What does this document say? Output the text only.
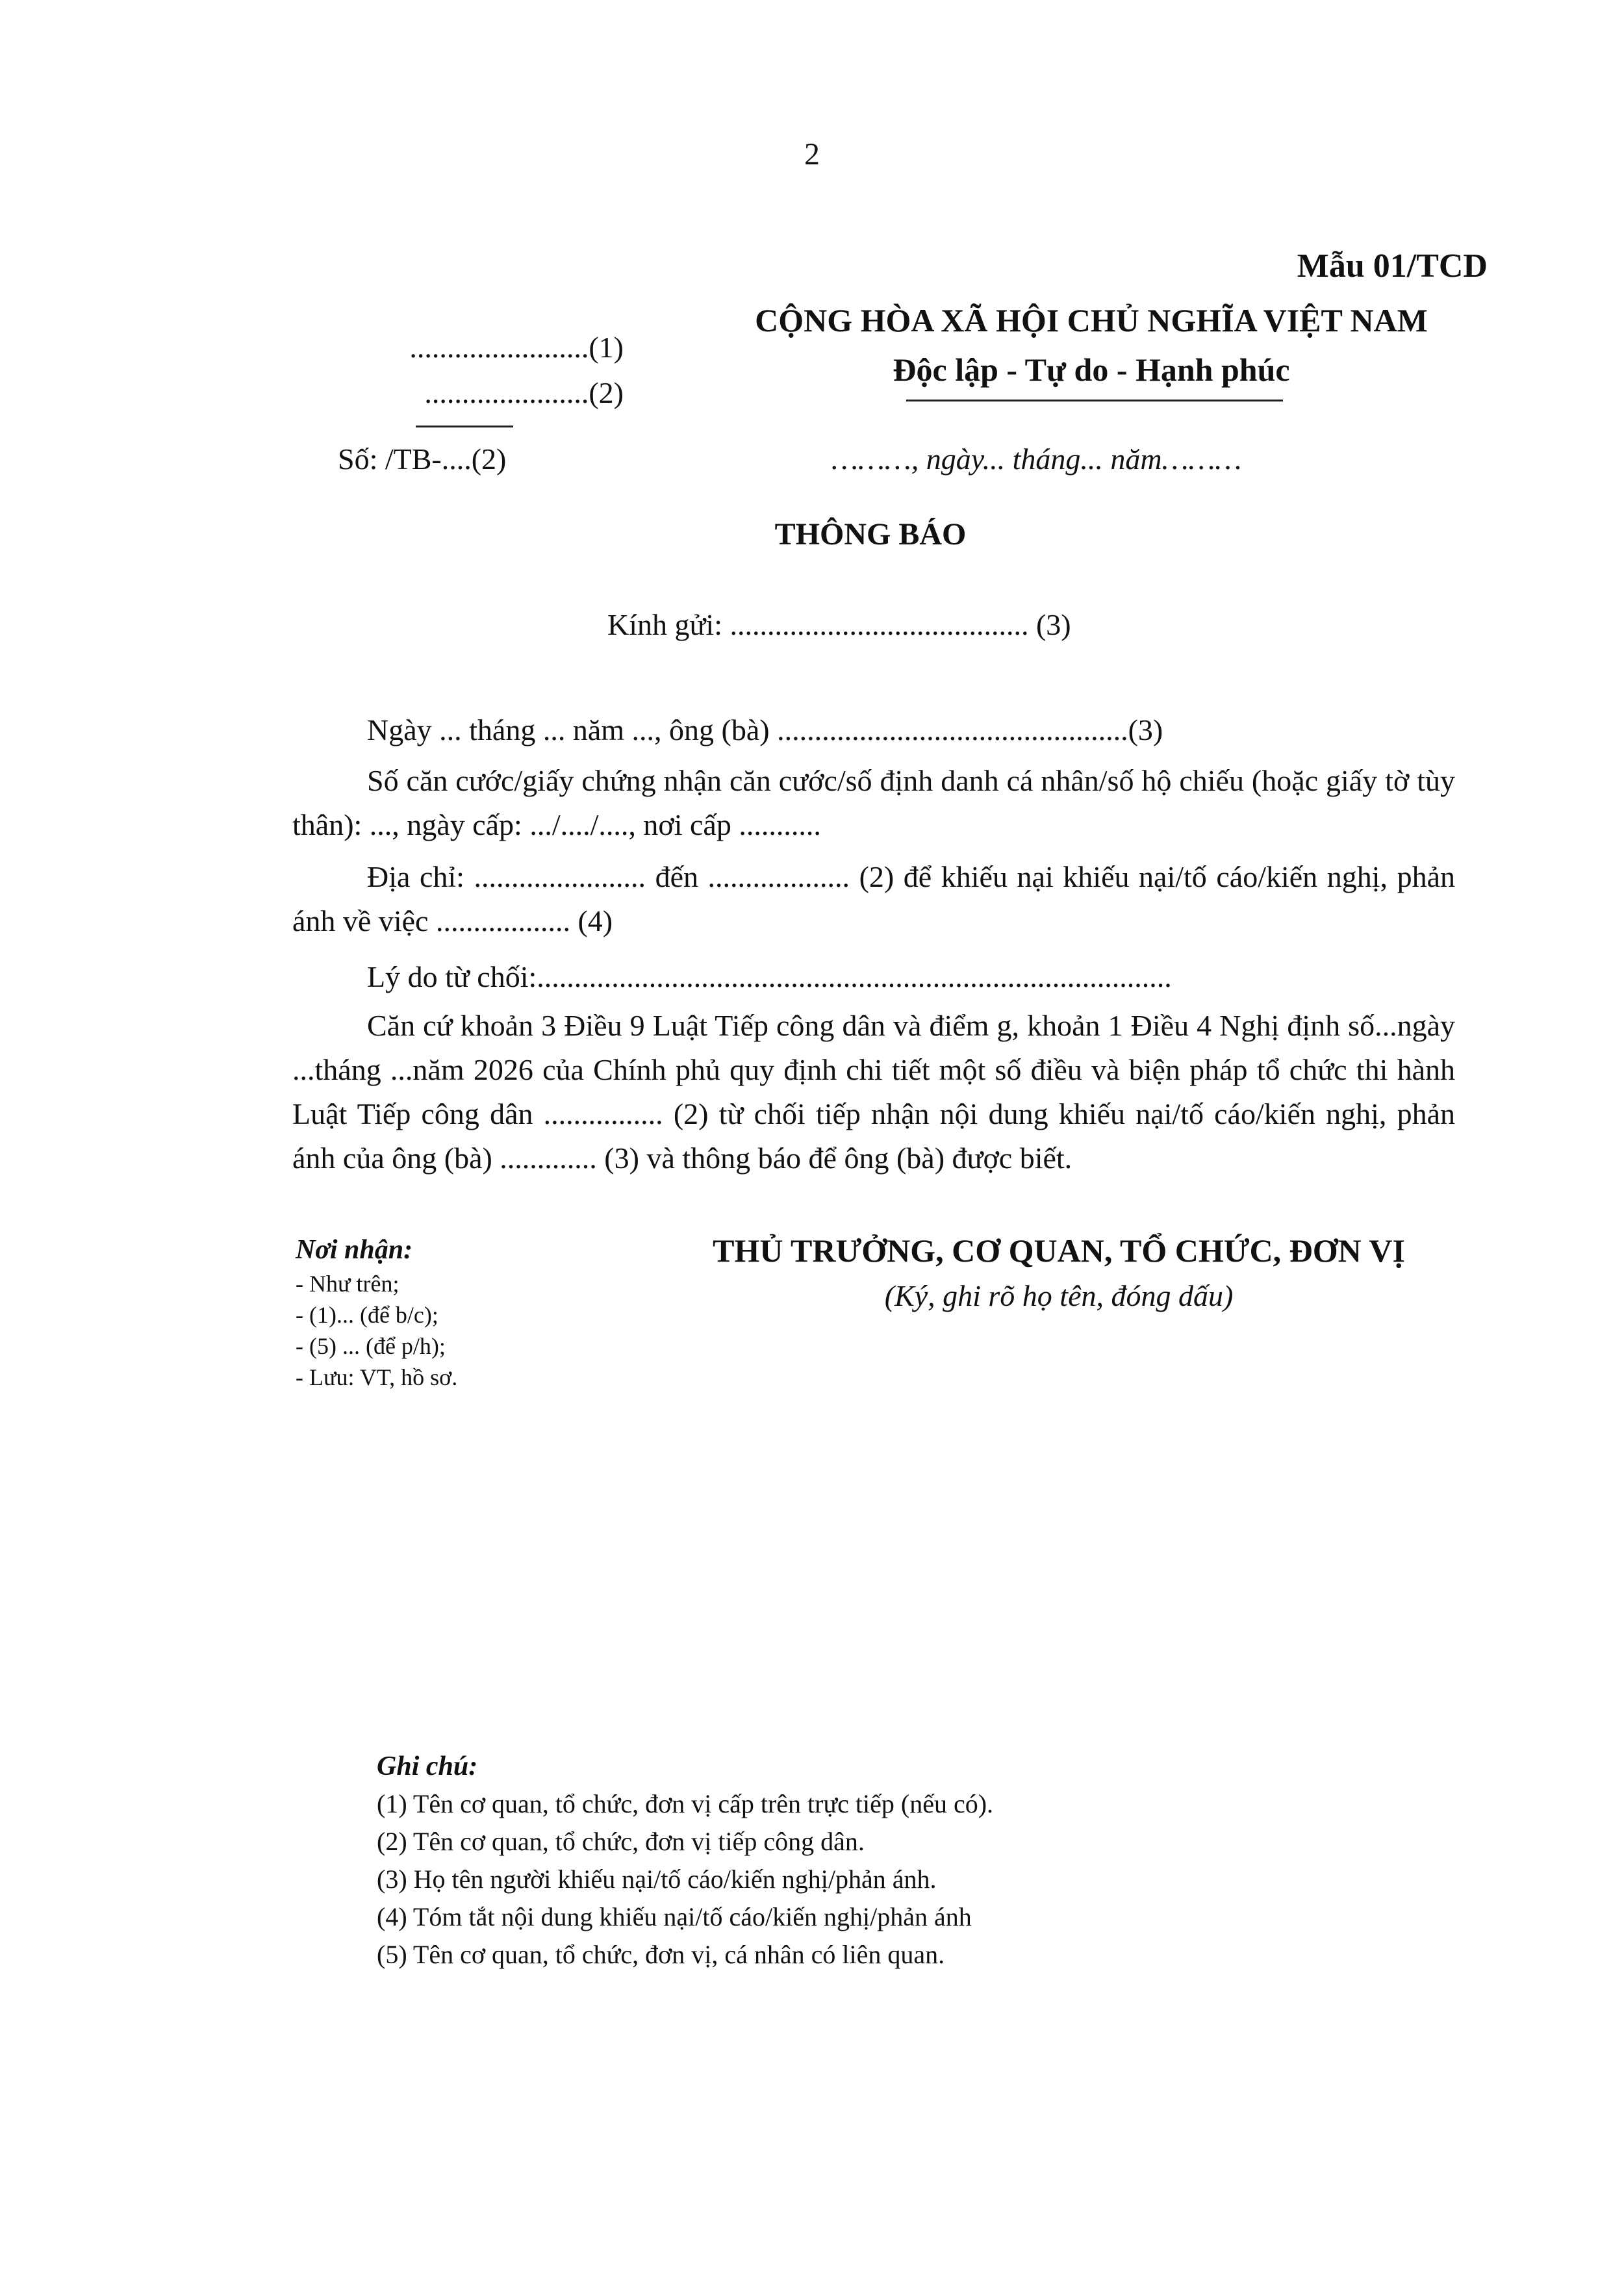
2
Mẫu 01/TCD
........................(1)
......................(2)
CỘNG HÒA XÃ HỘI CHỦ NGHĨA VIỆT NAM
Độc lập - Tự do - Hạnh phúc
Số: /TB-....(2)	………, ngày... tháng... năm………
THÔNG BÁO
Kính gửi: ........................................ (3)
Ngày ... tháng ... năm ..., ông (bà) ...............................................(3)
Số căn cước/giấy chứng nhận căn cước/số định danh cá nhân/số hộ chiếu (hoặc giấy tờ tùy thân): ..., ngày cấp: .../..../...., nơi cấp ...........
Địa chỉ: ....................... đến ................... (2) để khiếu nại khiếu nại/tố cáo/kiến nghị, phản ánh về việc .................. (4)
Lý do từ chối:.....................................................................................
Căn cứ khoản 3 Điều 9 Luật Tiếp công dân và điểm g, khoản 1 Điều 4 Nghị định số...ngày ...tháng ...năm 2026 của Chính phủ quy định chi tiết một số điều và biện pháp tổ chức thi hành Luật Tiếp công dân ................ (2) từ chối tiếp nhận nội dung khiếu nại/tố cáo/kiến nghị, phản ánh của ông (bà) ............. (3) và thông báo để ông (bà) được biết.
Nơi nhận:
- Như trên;
- (1)... (để b/c);
- (5) ... (để p/h);
- Lưu: VT, hồ sơ.
THỦ TRƯỞNG, CƠ QUAN, TỔ CHỨC, ĐƠN VỊ
(Ký, ghi rõ họ tên, đóng dấu)
Ghi chú:
(1) Tên cơ quan, tổ chức, đơn vị cấp trên trực tiếp (nếu có).
(2) Tên cơ quan, tổ chức, đơn vị tiếp công dân.
(3) Họ tên người khiếu nại/tố cáo/kiến nghị/phản ánh.
(4) Tóm tắt nội dung khiếu nại/tố cáo/kiến nghị/phản ánh
(5) Tên cơ quan, tổ chức, đơn vị, cá nhân có liên quan.
